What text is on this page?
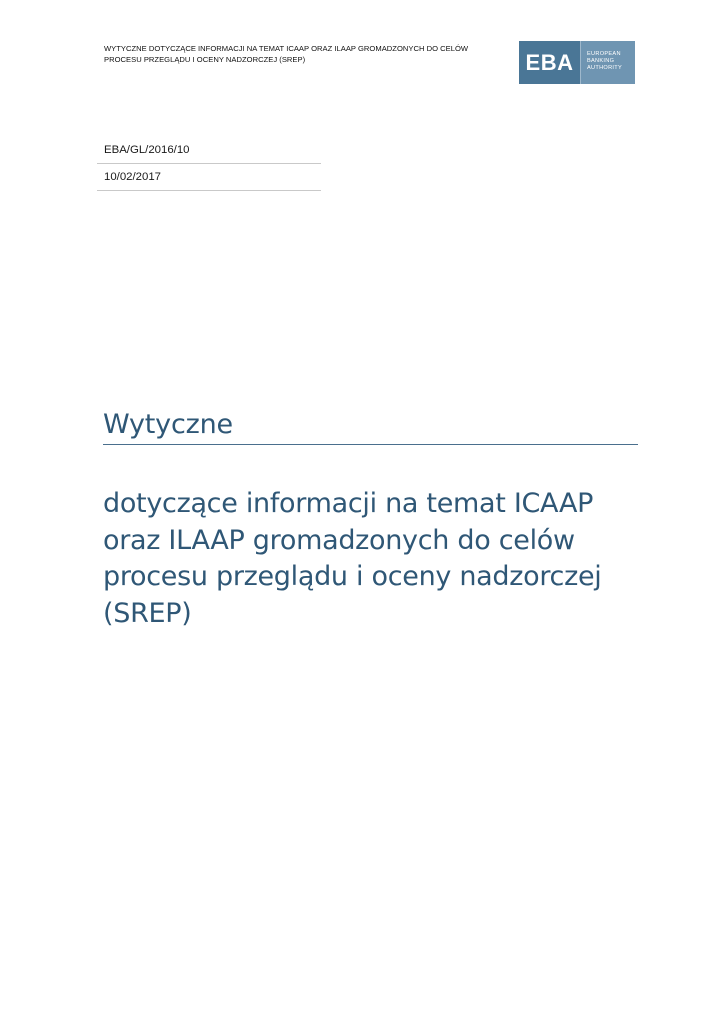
WYTYCZNE DOTYCZĄCE INFORMACJI NA TEMAT ICAAP ORAZ ILAAP GROMADZONYCH DO CELÓW
PROCESU PRZEGLĄDU I OCENY NADZORCZEJ (SREP)	EBA	EUROPEAN
BANKING
AUTHORITY
EBA/GL/2016/10
10/02/2017
Wytyczne
dotyczące informacji na temat ICAAP
oraz ILAAP gromadzonych do celów
procesu przeglądu i oceny nadzorczej
(SREP)
